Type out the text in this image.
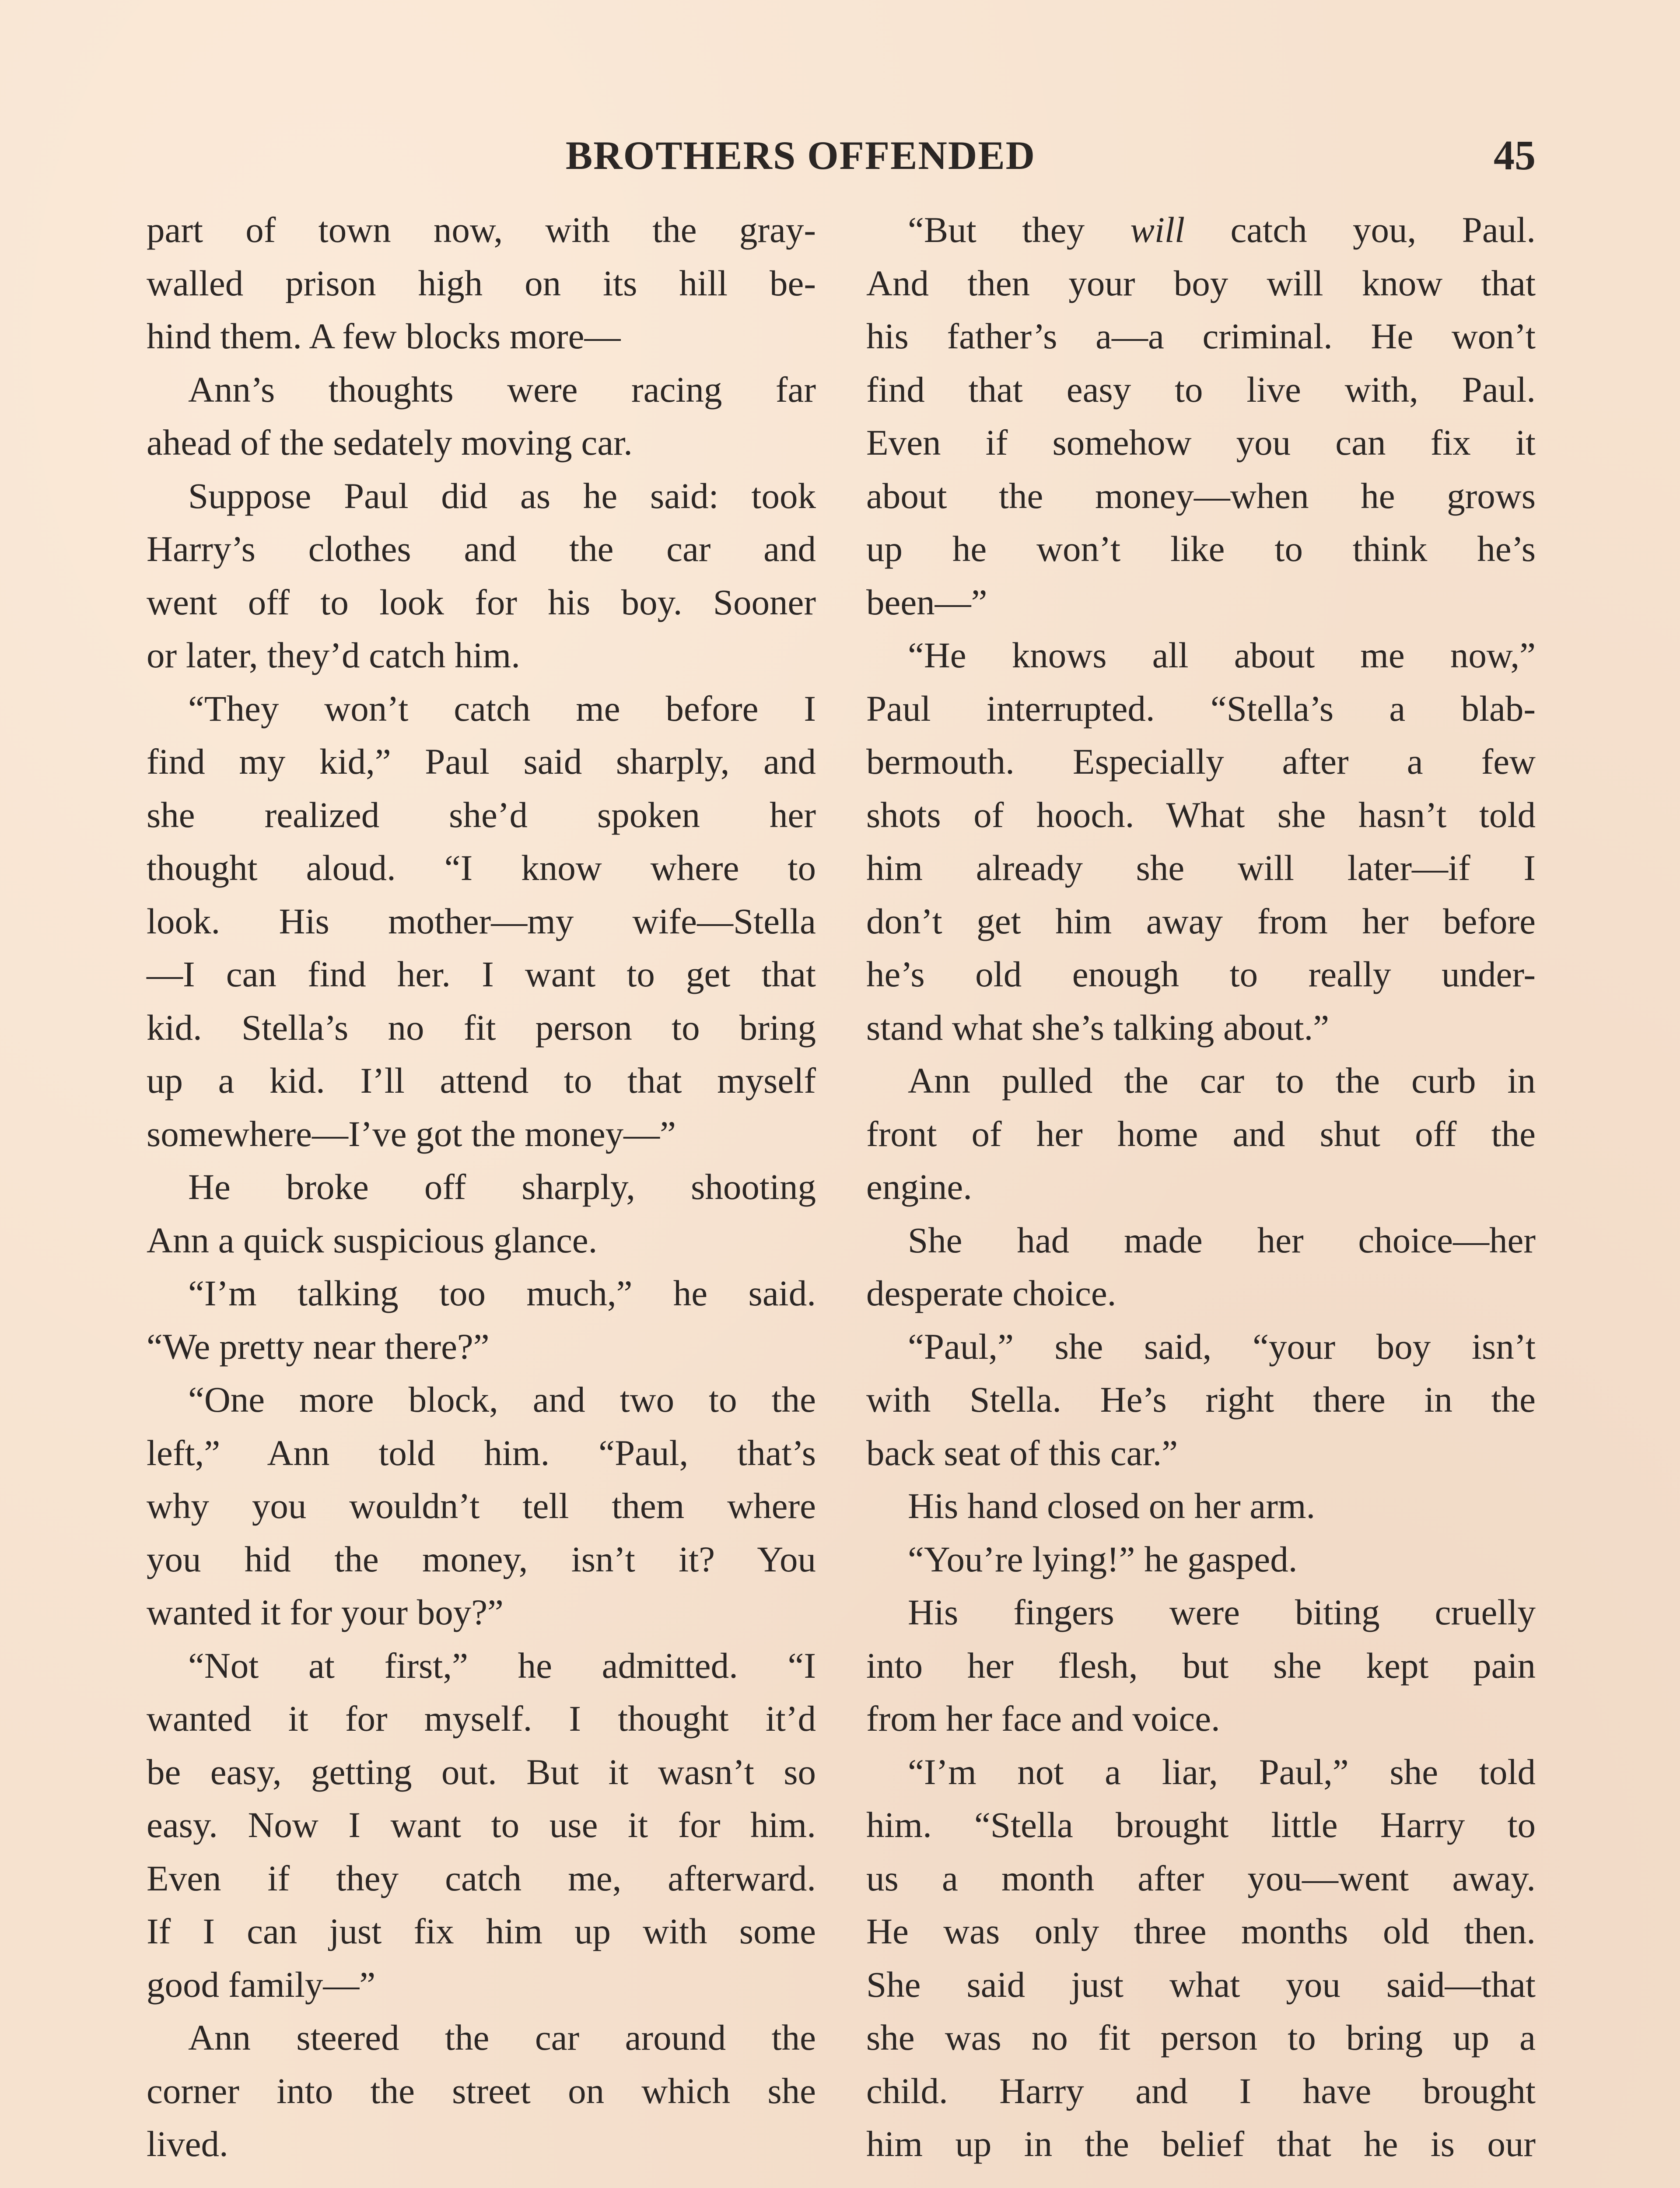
BROTHERS OFFENDED	45
part of town now, with the gray-
walled prison high on its hill be-
hind them. A few blocks more—
Ann’s thoughts were racing far
ahead of the sedately moving car.
Suppose Paul did as he said: took
Harry’s clothes and the car and
went off to look for his boy. Sooner
or later, they’d catch him.
“They won’t catch me before I
find my kid,” Paul said sharply, and
she realized she’d spoken her
thought aloud. “I know where to
look. His mother—my wife—Stella
—I can find her. I want to get that
kid. Stella’s no fit person to bring
up a kid. I’ll attend to that myself
somewhere—I’ve got the money—”
He broke off sharply, shooting
Ann a quick suspicious glance.
“I’m talking too much,” he said.
“We pretty near there?”
“One more block, and two to the
left,” Ann told him. “Paul, that’s
why you wouldn’t tell them where
you hid the money, isn’t it? You
wanted it for your boy?”
“Not at first,” he admitted. “I
wanted it for myself. I thought it’d
be easy, getting out. But it wasn’t so
easy. Now I want to use it for him.
Even if they catch me, afterward.
If I can just fix him up with some
good family—”
Ann steered the car around the
corner into the street on which she
lived.
“But they will catch you, Paul.
And then your boy will know that
his father’s a—a criminal. He won’t
find that easy to live with, Paul.
Even if somehow you can fix it
about the money—when he grows
up he won’t like to think he’s
been—”
“He knows all about me now,”
Paul interrupted. “Stella’s a blab-
bermouth. Especially after a few
shots of hooch. What she hasn’t told
him already she will later—if I
don’t get him away from her before
he’s old enough to really under-
stand what she’s talking about.”
Ann pulled the car to the curb in
front of her home and shut off the
engine.
She had made her choice—her
desperate choice.
“Paul,” she said, “your boy isn’t
with Stella. He’s right there in the
back seat of this car.”
His hand closed on her arm.
“You’re lying!” he gasped.
His fingers were biting cruelly
into her flesh, but she kept pain
from her face and voice.
“I’m not a liar, Paul,” she told
him. “Stella brought little Harry to
us a month after you—went away.
He was only three months old then.
She said just what you said—that
she was no fit person to bring up a
child. Harry and I have brought
him up in the belief that he is our
